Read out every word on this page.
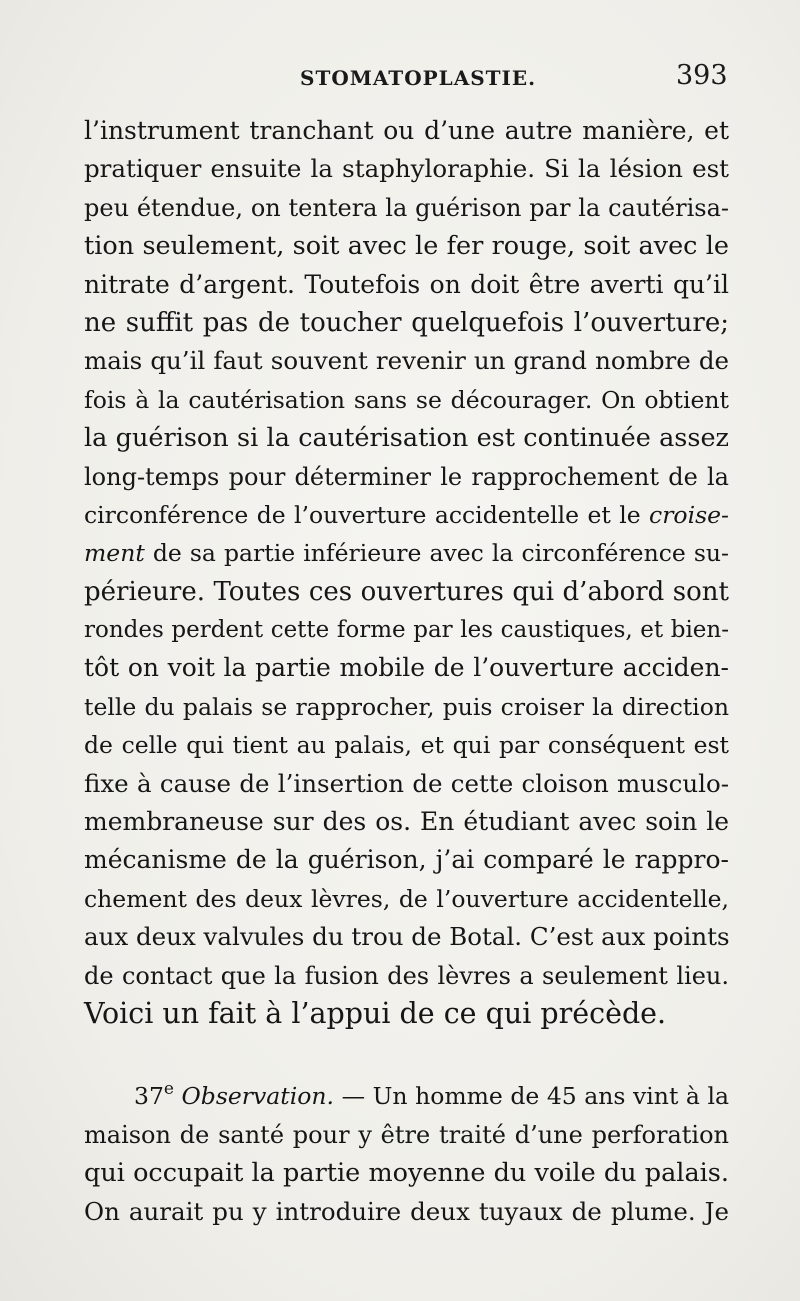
STOMATOPLASTIE.	393
l’instrument tranchant ou d’une autre manière, et
pratiquer ensuite la staphyloraphie. Si la lésion est
peu étendue, on tentera la guérison par la cautérisa-
tion seulement, soit avec le fer rouge, soit avec le
nitrate d’argent. Toutefois on doit être averti qu’il
ne suffit pas de toucher quelquefois l’ouverture;
mais qu’il faut souvent revenir un grand nombre de
fois à la cautérisation sans se décourager. On obtient
la guérison si la cautérisation est continuée assez
long-temps pour déterminer le rapprochement de la
circonférence de l’ouverture accidentelle et le croise-
ment de sa partie inférieure avec la circonférence su-
périeure. Toutes ces ouvertures qui d’abord sont
rondes perdent cette forme par les caustiques, et bien-
tôt on voit la partie mobile de l’ouverture acciden-
telle du palais se rapprocher, puis croiser la direction
de celle qui tient au palais, et qui par conséquent est
fixe à cause de l’insertion de cette cloison musculo-
membraneuse sur des os. En étudiant avec soin le
mécanisme de la guérison, j’ai comparé le rappro-
chement des deux lèvres, de l’ouverture accidentelle,
aux deux valvules du trou de Botal. C’est aux points
de contact que la fusion des lèvres a seulement lieu.
Voici un fait à l’appui de ce qui précède.
37e Observation. — Un homme de 45 ans vint à la
maison de santé pour y être traité d’une perforation
qui occupait la partie moyenne du voile du palais.
On aurait pu y introduire deux tuyaux de plume. Je
